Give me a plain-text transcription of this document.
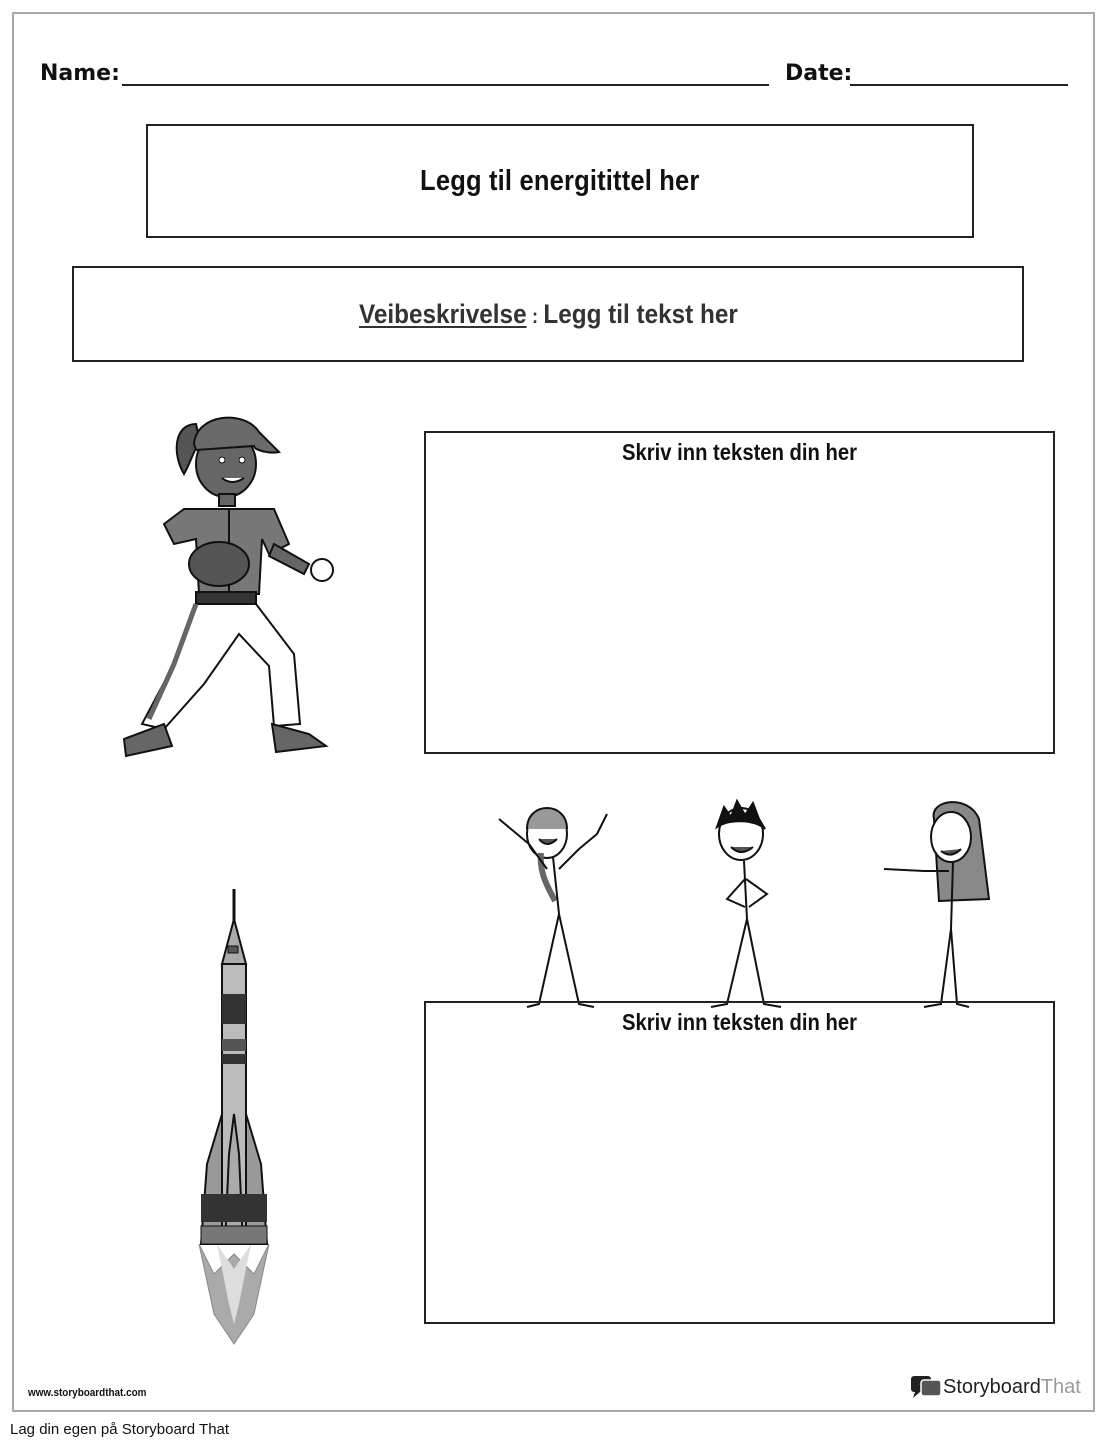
Name:	Date:
Legg til energitittel her
Veibeskrivelse : Legg til tekst her
Skriv inn teksten din her
Skriv inn teksten din her
www.storyboardthat.com	Storyboard That
Lag din egen på Storyboard That
